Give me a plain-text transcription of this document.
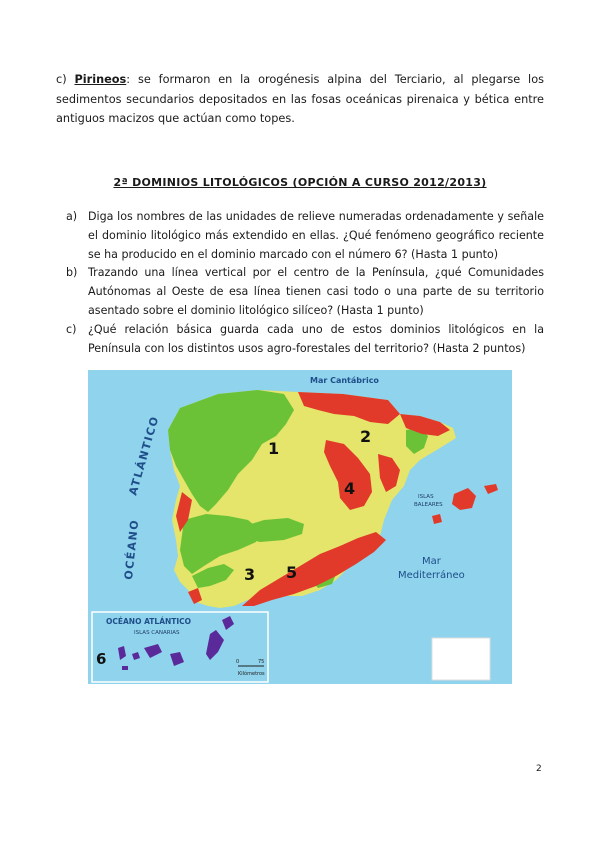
c) Pirineos: se formaron en la orogénesis alpina del Terciario, al plegarse los sedimentos secundarios depositados en las fosas oceánicas pirenaica y bética entre antiguos macizos que actúan como topes.
2ª DOMINIOS LITOLÓGICOS (OPCIÓN A CURSO 2012/2013)
a) Diga los nombres de las unidades de relieve numeradas ordenadamente y señale el dominio litológico más extendido en ellas. ¿Qué fenómeno geográfico reciente se ha producido en el dominio marcado con el número 6? (Hasta 1 punto)
b) Trazando una línea vertical por el centro de la Península, ¿qué Comunidades Autónomas al Oeste de esa línea tienen casi todo o una parte de su territorio asentado sobre el dominio litológico silíceo? (Hasta 1 punto)
c) ¿Qué relación básica guarda cada uno de estos dominios litológicos en la Península con los distintos usos agro-forestales del territorio? (Hasta 2 puntos)
Mar Cantábrico
ATLÁNTICO
OCÉANO
ISLAS
BALEARES
Mar
Mediterráneo
1
2
3
4
5
OCÉANO ATLÁNTICO
ISLAS CANARIAS
6	0	75
Kilómetros
2
